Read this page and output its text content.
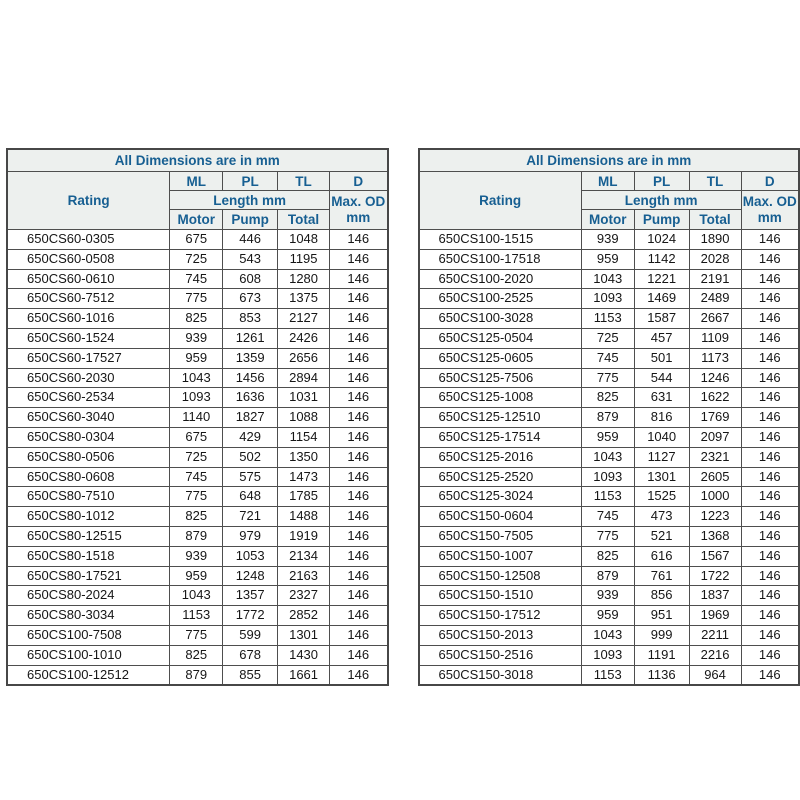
All Dimensions are in mm				
Rating	ML	PL	TL	D
	Length mm			Max. OD
mm
	Motor	Pump	Total	
650CS60-0305	675	446	1048	146
650CS60-0508	725	543	1195	146
650CS60-0610	745	608	1280	146
650CS60-7512	775	673	1375	146
650CS60-1016	825	853	2127	146
650CS60-1524	939	1261	2426	146
650CS60-17527	959	1359	2656	146
650CS60-2030	1043	1456	2894	146
650CS60-2534	1093	1636	1031	146
650CS60-3040	1140	1827	1088	146
650CS80-0304	675	429	1154	146
650CS80-0506	725	502	1350	146
650CS80-0608	745	575	1473	146
650CS80-7510	775	648	1785	146
650CS80-1012	825	721	1488	146
650CS80-12515	879	979	1919	146
650CS80-1518	939	1053	2134	146
650CS80-17521	959	1248	2163	146
650CS80-2024	1043	1357	2327	146
650CS80-3034	1153	1772	2852	146
650CS100-7508	775	599	1301	146
650CS100-1010	825	678	1430	146
650CS100-12512	879	855	1661	146
All Dimensions are in mm				
Rating	ML	PL	TL	D
	Length mm			Max. OD
mm
	Motor	Pump	Total	
650CS100-1515	939	1024	1890	146
650CS100-17518	959	1142	2028	146
650CS100-2020	1043	1221	2191	146
650CS100-2525	1093	1469	2489	146
650CS100-3028	1153	1587	2667	146
650CS125-0504	725	457	1109	146
650CS125-0605	745	501	1173	146
650CS125-7506	775	544	1246	146
650CS125-1008	825	631	1622	146
650CS125-12510	879	816	1769	146
650CS125-17514	959	1040	2097	146
650CS125-2016	1043	1127	2321	146
650CS125-2520	1093	1301	2605	146
650CS125-3024	1153	1525	1000	146
650CS150-0604	745	473	1223	146
650CS150-7505	775	521	1368	146
650CS150-1007	825	616	1567	146
650CS150-12508	879	761	1722	146
650CS150-1510	939	856	1837	146
650CS150-17512	959	951	1969	146
650CS150-2013	1043	999	2211	146
650CS150-2516	1093	1191	2216	146
650CS150-3018	1153	1136	964	146
